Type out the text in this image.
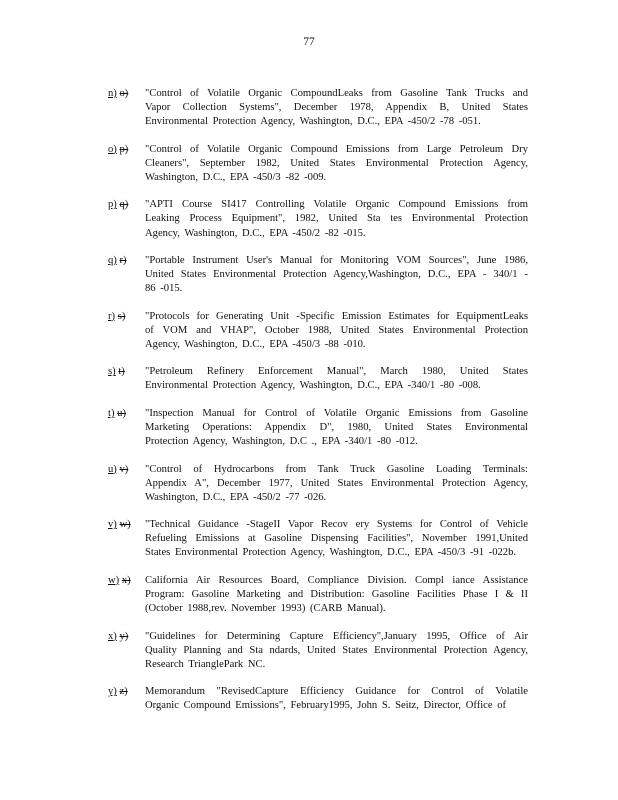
77
n) o)	"Control of Volatile Organic CompoundLeaks from Gasoline Tank Trucks and
Vapor Collection Systems", December 1978, Appendix B, United States
Environmental Protection Agency, Washington, D.C., EPA -450/2 -78 -051.
o) p)	"Control of Volatile Organic Compound Emissions from Large Petroleum Dry
Cleaners", September 1982, United States Environmental Protection Agency,
Washington, D.C., EPA -450/3 -82 -009.
p) q)	"APTI Course SI417 Controlling Volatile Organic Compound Emissions from
Leaking Process Equipment", 1982, United Sta tes Environmental Protection
Agency, Washington, D.C., EPA -450/2 -82 -015.
q) r)	"Portable Instrument User's Manual for Monitoring VOM Sources", June 1986,
United States Environmental Protection Agency,Washington, D.C., EPA - 340/1 -
86 -015.
r) s)	"Protocols for Generating Unit -Specific Emission Estimates for EquipmentLeaks
of VOM and VHAP", October 1988, United States Environmental Protection
Agency, Washington, D.C., EPA -450/3 -88 -010.
s) t)	"Petroleum Refinery Enforcement Manual", March 1980, United States
Environmental Protection Agency, Washington, D.C., EPA -340/1 -80 -008.
t) u)	"Inspection Manual for Control of Volatile Organic Emissions from Gasoline
Marketing Operations: Appendix D", 1980, United States Environmental
Protection Agency, Washington, D.C ., EPA -340/1 -80 -012.
u) v)	"Control of Hydrocarbons from Tank Truck Gasoline Loading Terminals:
Appendix A", December 1977, United States Environmental Protection Agency,
Washington, D.C., EPA -450/2 -77 -026.
v) w)	"Technical Guidance -StageII Vapor Recov ery Systems for Control of Vehicle
Refueling Emissions at Gasoline Dispensing Facilities", November 1991,United
States Environmental Protection Agency, Washington, D.C., EPA -450/3 -91 -022b.
w) x)	California Air Resources Board, Compliance Division. Compl iance Assistance
Program: Gasoline Marketing and Distribution: Gasoline Facilities Phase I & II
(October 1988,rev. November 1993) (CARB Manual).
x) y)	"Guidelines for Determining Capture Efficiency",January 1995, Office of Air
Quality Planning and Sta ndards, United States Environmental Protection Agency,
Research TrianglePark NC.
y) z)	Memorandum "RevisedCapture Efficiency Guidance for Control of Volatile
Organic Compound Emissions", February1995, John S. Seitz, Director, Office of
